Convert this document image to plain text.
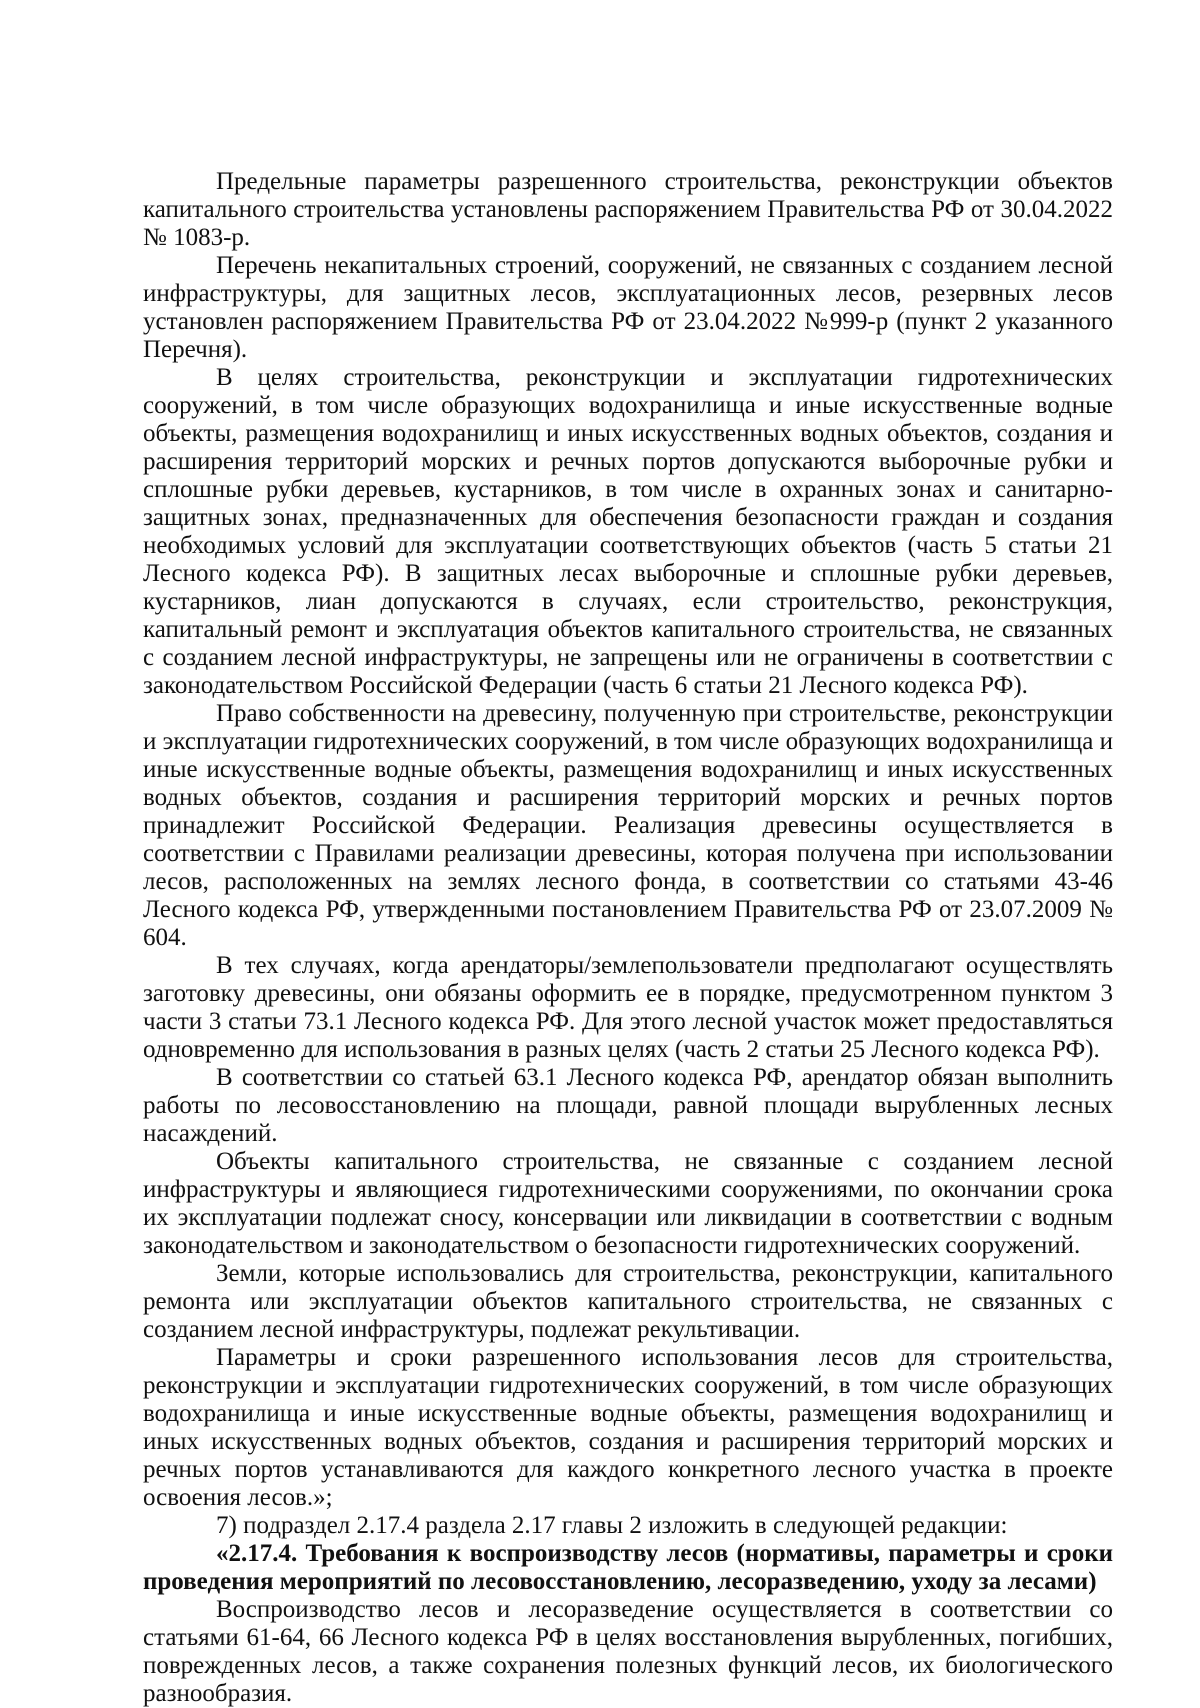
Предельные параметры разрешенного строительства, реконструкции объектов капитального строительства установлены распоряжением Правительства РФ от 30.04.2022 № 1083-р.

Перечень некапитальных строений, сооружений, не связанных с созданием лесной инфраструктуры, для защитных лесов, эксплуатационных лесов, резервных лесов установлен распоряжением Правительства РФ от 23.04.2022 №999-р (пункт 2 указанного Перечня).

В целях строительства, реконструкции и эксплуатации гидротехнических сооружений, в том числе образующих водохранилища и иные искусственные водные объекты, размещения водохранилищ и иных искусственных водных объектов, создания и расширения территорий морских и речных портов допускаются выборочные рубки и сплошные рубки деревьев, кустарников, в том числе в охранных зонах и санитарно-защитных зонах, предназначенных для обеспечения безопасности граждан и создания необходимых условий для эксплуатации соответствующих объектов (часть 5 статьи 21 Лесного кодекса РФ). В защитных лесах выборочные и сплошные рубки деревьев, кустарников, лиан допускаются в случаях, если строительство, реконструкция, капитальный ремонт и эксплуатация объектов капитального строительства, не связанных с созданием лесной инфраструктуры, не запрещены или не ограничены в соответствии с законодательством Российской Федерации (часть 6 статьи 21 Лесного кодекса РФ).

Право собственности на древесину, полученную при строительстве, реконструкции и эксплуатации гидротехнических сооружений, в том числе образующих водохранилища и иные искусственные водные объекты, размещения водохранилищ и иных искусственных водных объектов, создания и расширения территорий морских и речных портов принадлежит Российской Федерации. Реализация древесины осуществляется в соответствии с Правилами реализации древесины, которая получена при использовании лесов, расположенных на землях лесного фонда, в соответствии со статьями 43-46 Лесного кодекса РФ, утвержденными постановлением Правительства РФ от 23.07.2009 № 604.

В тех случаях, когда арендаторы/землепользователи предполагают осуществлять заготовку древесины, они обязаны оформить ее в порядке, предусмотренном пунктом 3 части 3 статьи 73.1 Лесного кодекса РФ. Для этого лесной участок может предоставляться одновременно для использования в разных целях (часть 2 статьи 25 Лесного кодекса РФ).

В соответствии со статьей 63.1 Лесного кодекса РФ, арендатор обязан выполнить работы по лесовосстановлению на площади, равной площади вырубленных лесных насаждений.

Объекты капитального строительства, не связанные с созданием лесной инфраструктуры и являющиеся гидротехническими сооружениями, по окончании срока их эксплуатации подлежат сносу, консервации или ликвидации в соответствии с водным законодательством и законодательством о безопасности гидротехнических сооружений.

Земли, которые использовались для строительства, реконструкции, капитального ремонта или эксплуатации объектов капитального строительства, не связанных с созданием лесной инфраструктуры, подлежат рекультивации.

Параметры и сроки разрешенного использования лесов для строительства, реконструкции и эксплуатации гидротехнических сооружений, в том числе образующих водохранилища и иные искусственные водные объекты, размещения водохранилищ и иных искусственных водных объектов, создания и расширения территорий морских и речных портов устанавливаются для каждого конкретного лесного участка в проекте освоения лесов.»;

7) подраздел 2.17.4 раздела 2.17 главы 2 изложить в следующей редакции:

«2.17.4. Требования к воспроизводству лесов (нормативы, параметры и сроки проведения мероприятий по лесовосстановлению, лесоразведению, уходу за лесами)

Воспроизводство лесов и лесоразведение осуществляется в соответствии со статьями 61-64, 66 Лесного кодекса РФ в целях восстановления вырубленных, погибших, поврежденных лесов, а также сохранения полезных функций лесов, их биологического разнообразия.
